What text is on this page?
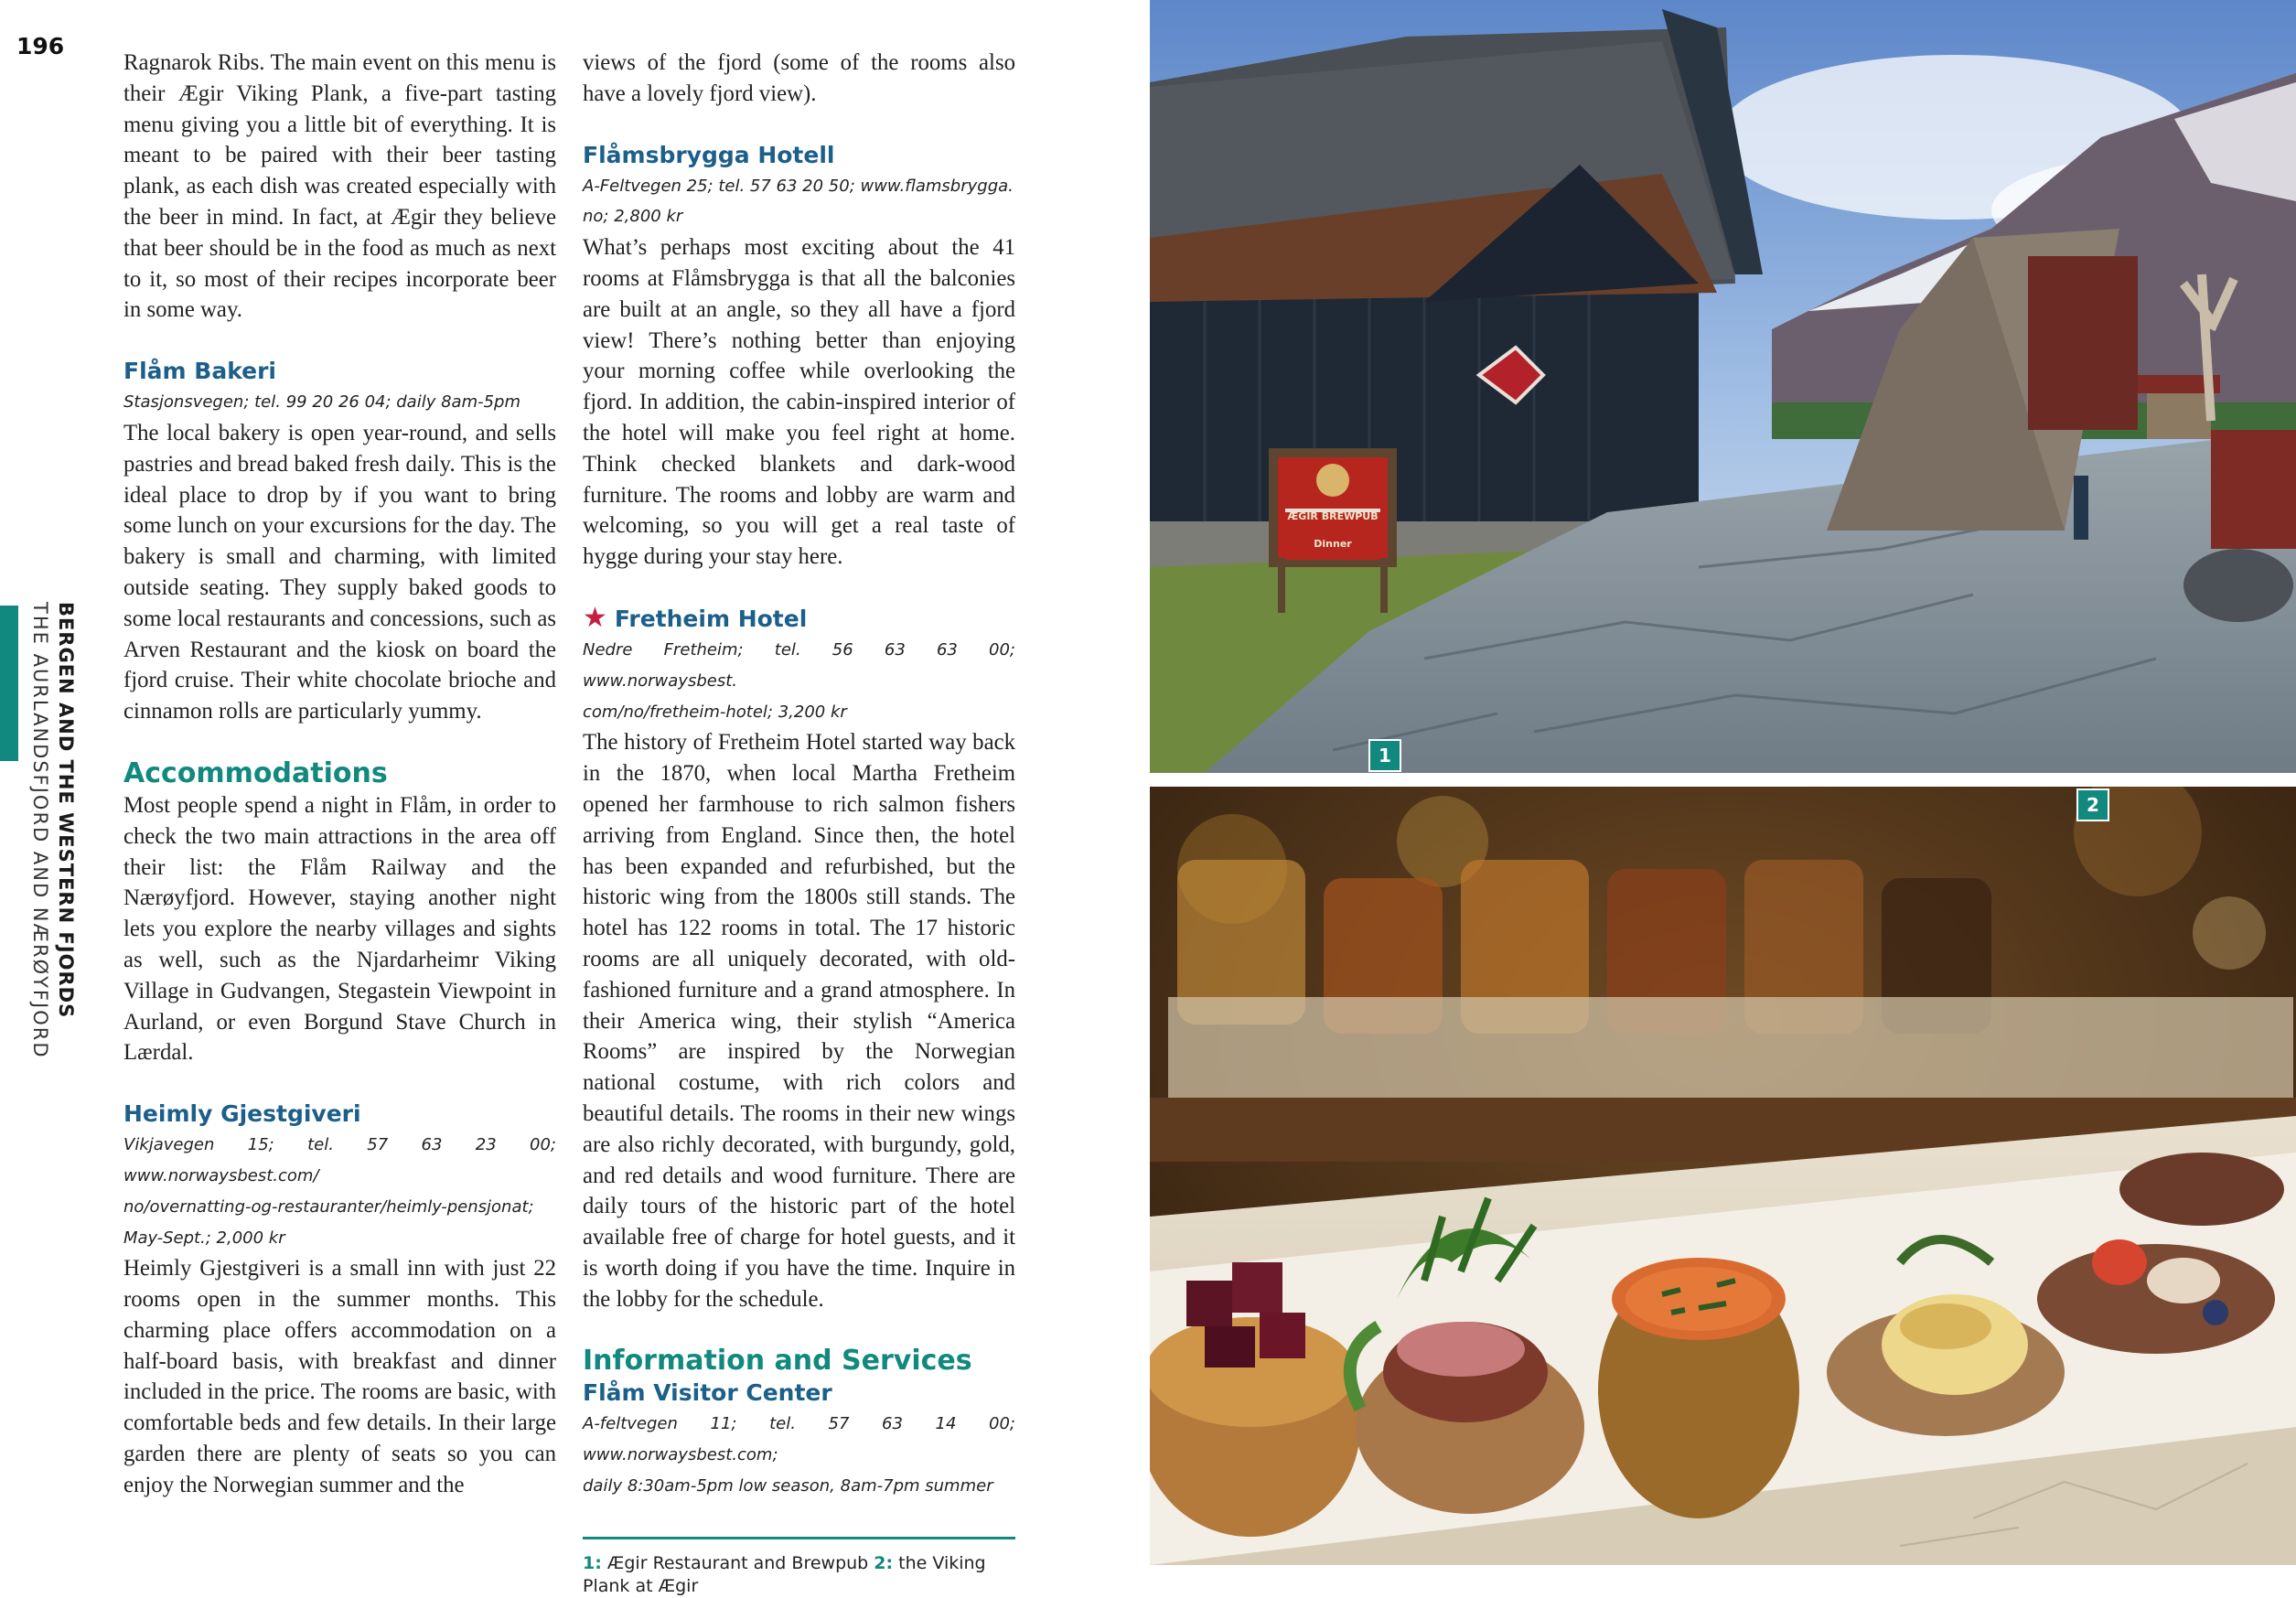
196
BERGEN AND THE WESTERN FJORDS
THE AURLANDSFJORD AND NÆRØYFJORD

Ragnarok Ribs. The main event on this menu is their Ægir Viking Plank, a five-part tasting menu giving you a little bit of everything. It is meant to be paired with their beer tasting plank, as each dish was created especially with the beer in mind. In fact, at Ægir they believe that beer should be in the food as much as next to it, so most of their recipes incorporate beer in some way.

Flåm Bakeri

Stasjonsvegen; tel. 99 20 26 04; daily 8am-5pm

The local bakery is open year-round, and sells pastries and bread baked fresh daily. This is the ideal place to drop by if you want to bring some lunch on your excursions for the day. The bakery is small and charming, with limited outside seating. They supply baked goods to some local restaurants and concessions, such as Arven Restaurant and the kiosk on board the fjord cruise. Their white chocolate brioche and cinnamon rolls are particularly yummy.

Accommodations

Most people spend a night in Flåm, in order to check the two main attractions in the area off their list: the Flåm Railway and the Nærøyfjord. However, staying another night lets you explore the nearby villages and sights as well, such as the Njardarheimr Viking Village in Gudvangen, Stegastein Viewpoint in Aurland, or even Borgund Stave Church in Lærdal.

Heimly Gjestgiveri

Vikjavegen 15; tel. 57 63 23 00; www.norwaysbest.com/

no/overnatting-og-restauranter/heimly-pensjonat;

May-Sept.; 2,000 kr

Heimly Gjestgiveri is a small inn with just 22 rooms open in the summer months. This charming place offers accommodation on a half-board basis, with breakfast and dinner included in the price. The rooms are basic, with comfortable beds and few details. In their large garden there are plenty of seats so you can enjoy the Norwegian summer and the

views of the fjord (some of the rooms also have a lovely fjord view).

Flåmsbrygga Hotell

A-Feltvegen 25; tel. 57 63 20 50; www.flamsbrygga.

no; 2,800 kr

What’s perhaps most exciting about the 41 rooms at Flåmsbrygga is that all the balconies are built at an angle, so they all have a fjord view! There’s nothing better than enjoying your morning coffee while overlooking the fjord. In addition, the cabin-inspired interior of the hotel will make you feel right at home. Think checked blankets and dark-wood furniture. The rooms and lobby are warm and welcoming, so you will get a real taste of hygge during your stay here.

★ Fretheim Hotel

Nedre Fretheim; tel. 56 63 63 00; www.norwaysbest.

com/no/fretheim-hotel; 3,200 kr

The history of Fretheim Hotel started way back in the 1870, when local Martha Fretheim opened her farmhouse to rich salmon fishers arriving from England. Since then, the hotel has been expanded and refurbished, but the historic wing from the 1800s still stands. The hotel has 122 rooms in total. The 17 historic rooms are all uniquely decorated, with old-fashioned furniture and a grand atmosphere. In their America wing, their stylish “America Rooms” are inspired by the Norwegian national costume, with rich colors and beautiful details. The rooms in their new wings are also richly decorated, with burgundy, gold, and red details and wood furniture. There are daily tours of the historic part of the hotel available free of charge for hotel guests, and it is worth doing if you have the time. Inquire in the lobby for the schedule.

Information and Services
Flåm Visitor Center

A-feltvegen 11; tel. 57 63 14 00; www.norwaysbest.com;

daily 8:30am-5pm low season, 8am-7pm summer

1: Ægir Restaurant and Brewpub 2: the Viking Plank at Ægir
ÆGIR BREWPUB
Dinner
1
2
